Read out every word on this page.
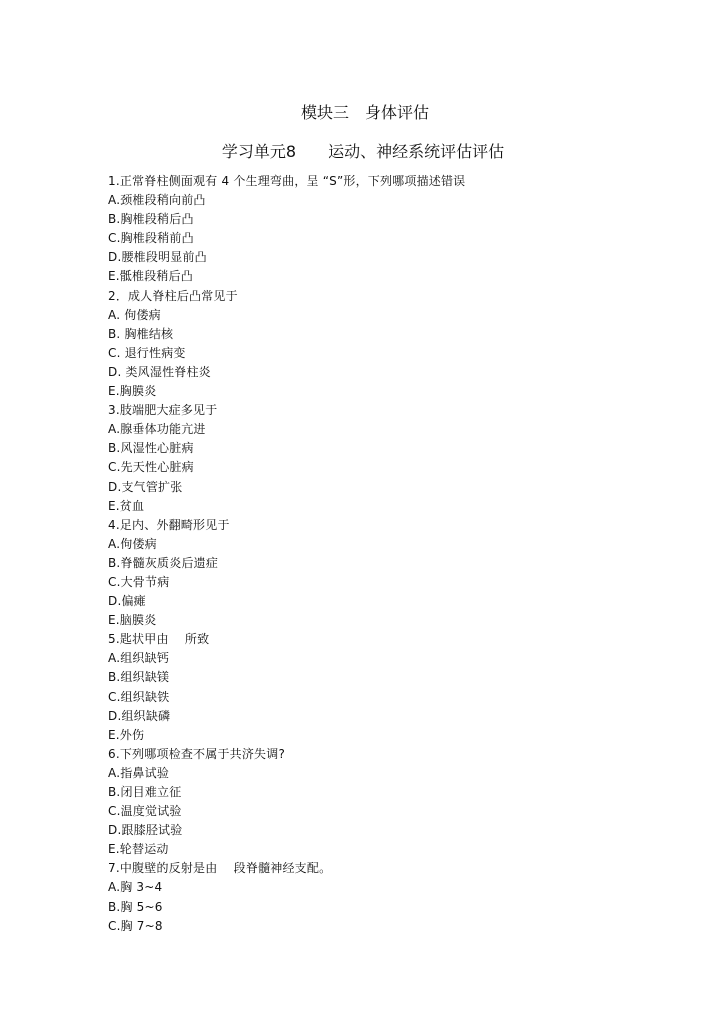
模块三　身体评估
学习单元8　　运动、神经系统评估评估
1.正常脊柱侧面观有 4 个生理弯曲，呈 “S”形，下列哪项描述错误
A.颈椎段稍向前凸
B.胸椎段稍后凸
C.胸椎段稍前凸
D.腰椎段明显前凸
E.骶椎段稍后凸
2．成人脊柱后凸常见于
A. 佝偻病
B. 胸椎结核
C. 退行性病变
D. 类风湿性脊柱炎
E.胸膜炎
3.肢端肥大症多见于
A.腺垂体功能亢进
B.风湿性心脏病
C.先天性心脏病
D.支气管扩张
E.贫血
4.足内、外翻畸形见于
A.佝偻病
B.脊髓灰质炎后遗症
C.大骨节病
D.偏瘫
E.脑膜炎
5.匙状甲由　 所致
A.组织缺钙
B.组织缺镁
C.组织缺铁
D.组织缺磷
E.外伤
6.下列哪项检查不属于共济失调?
A.指鼻试验
B.闭目难立征
C.温度觉试验
D.跟膝胫试验
E.轮替运动
7.中腹壁的反射是由　 段脊髓神经支配。
A.胸 3~4
B.胸 5~6
C.胸 7~8
